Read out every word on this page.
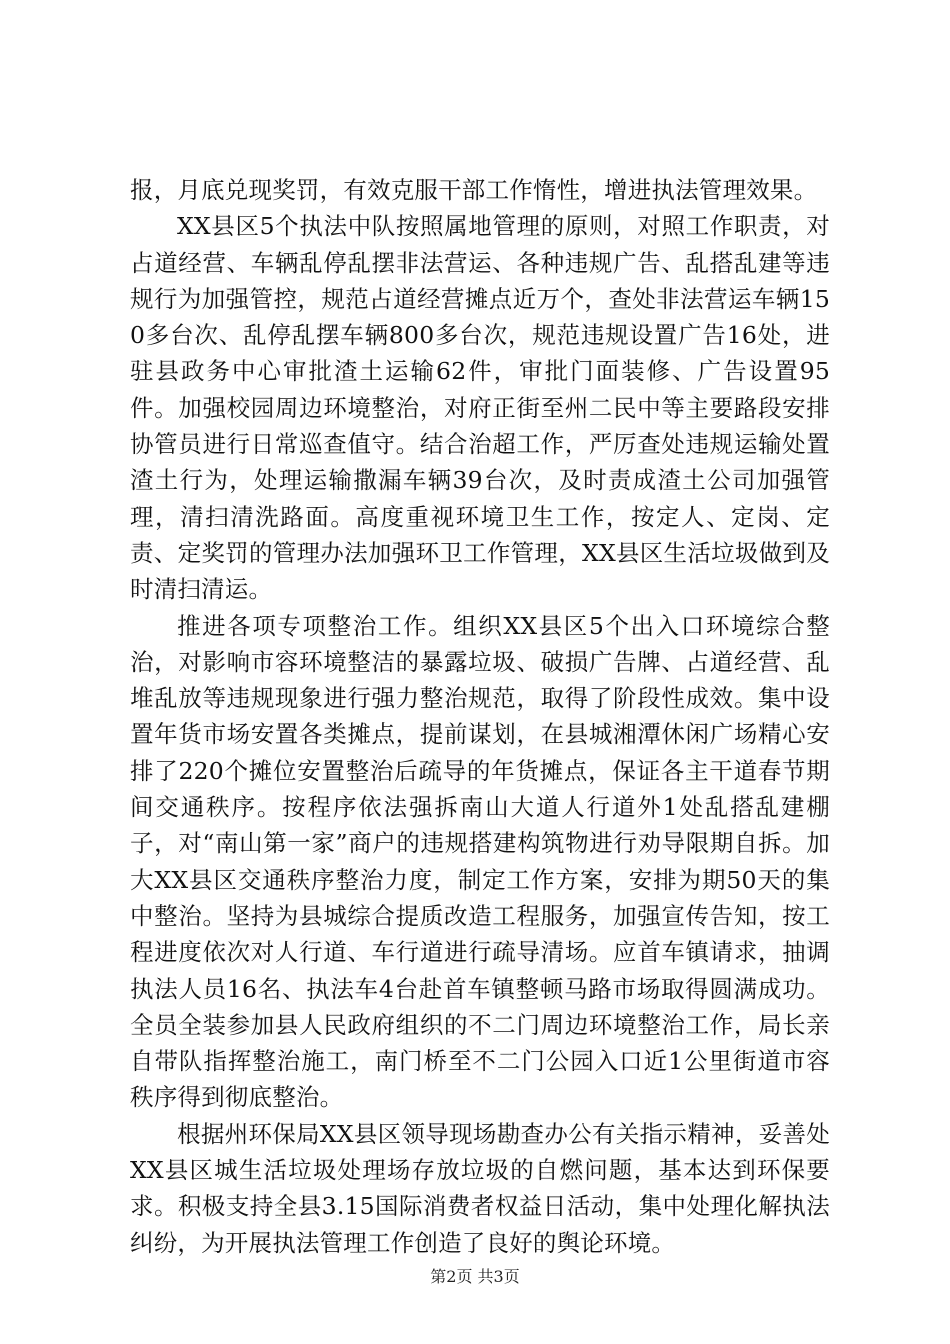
报，月底兑现奖罚，有效克服干部工作惰性，增进执法管理效果。

XX县区5个执法中队按照属地管理的原则，对照工作职责，对占道经营、车辆乱停乱摆非法营运、各种违规广告、乱搭乱建等违规行为加强管控，规范占道经营摊点近万个，查处非法营运车辆150多台次、乱停乱摆车辆800多台次，规范违规设置广告16处，进驻县政务中心审批渣土运输62件，审批门面装修、广告设置95件。加强校园周边环境整治，对府正街至州二民中等主要路段安排协管员进行日常巡查值守。结合治超工作，严厉查处违规运输处置渣土行为，处理运输撒漏车辆39台次，及时责成渣土公司加强管理，清扫清洗路面。高度重视环境卫生工作，按定人、定岗、定责、定奖罚的管理办法加强环卫工作管理，XX县区生活垃圾做到及时清扫清运。

推进各项专项整治工作。组织XX县区5个出入口环境综合整治，对影响市容环境整洁的暴露垃圾、破损广告牌、占道经营、乱堆乱放等违规现象进行强力整治规范，取得了阶段性成效。集中设置年货市场安置各类摊点，提前谋划，在县城湘潭休闲广场精心安排了220个摊位安置整治后疏导的年货摊点，保证各主干道春节期间交通秩序。按程序依法强拆南山大道人行道外1处乱搭乱建棚子，对“南山第一家”商户的违规搭建构筑物进行劝导限期自拆。加大XX县区交通秩序整治力度，制定工作方案，安排为期50天的集中整治。坚持为县城综合提质改造工程服务，加强宣传告知，按工程进度依次对人行道、车行道进行疏导清场。应首车镇请求，抽调执法人员16名、执法车4台赴首车镇整顿马路市场取得圆满成功。全员全装参加县人民政府组织的不二门周边环境整治工作，局长亲自带队指挥整治施工，南门桥至不二门公园入口近1公里街道市容秩序得到彻底整治。

根据州环保局XX县区领导现场勘查办公有关指示精神，妥善处XX县区城生活垃圾处理场存放垃圾的自燃问题，基本达到环保要求。积极支持全县3.15国际消费者权益日活动，集中处理化解执法纠纷，为开展执法管理工作创造了良好的舆论环境。

第2页 共3页
